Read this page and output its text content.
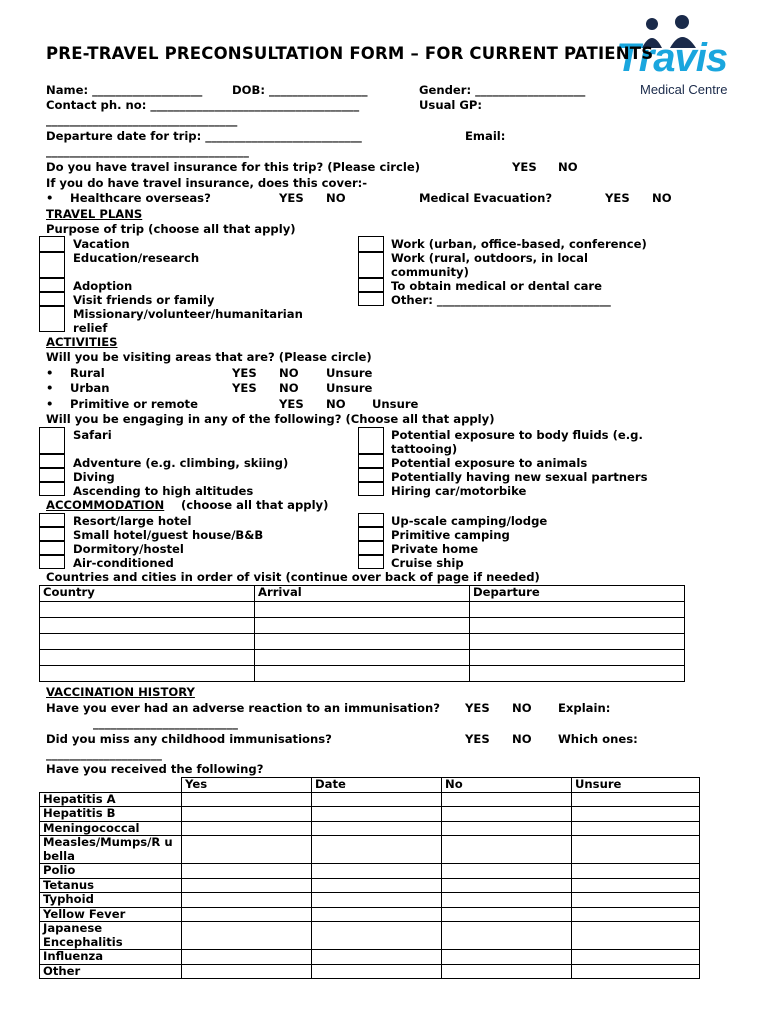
Travis
Medical Centre
PRE-TRAVEL PRECONSULTATION FORM – FOR CURRENT PATIENTS
Name: ___________________	DOB: _________________	Gender: ___________________
Contact ph. no: ____________________________________	Usual GP:
_________________________________
Departure date for trip: ___________________________	Email:
___________________________________
Do you have travel insurance for this trip? (Please circle)	YES NO
If you do have travel insurance, does this cover:-
• Healthcare overseas?	YES NO	Medical Evacuation?	YES NO
TRAVEL PLANS
Purpose of trip (choose all that apply)
Vacation
Education/research
Adoption
Visit friends or family
Missionary/volunteer/humanitarian
relief
Work (urban, office-based, conference)
Work (rural, outdoors, in local
community)
To obtain medical or dental care
Other: ______________________________
ACTIVITIES
Will you be visiting areas that are? (Please circle)
• Rural	YES NO Unsure
• Urban	YES NO Unsure
• Primitive or remote	YES NO Unsure
Will you be engaging in any of the following? (Choose all that apply)
Safari
Adventure (e.g. climbing, skiing)
Diving
Ascending to high altitudes
Potential exposure to body fluids (e.g.
tattooing)
Potential exposure to animals
Potentially having new sexual partners
Hiring car/motorbike
ACCOMMODATION (choose all that apply)
Resort/large hotel
Small hotel/guest house/B&B
Dormitory/hostel
Air-conditioned
Up-scale camping/lodge
Primitive camping
Private home
Cruise ship
Countries and cities in order of visit (continue over back of page if needed)
Country	Arrival	Departure

VACCINATION HISTORY
Have you ever had an adverse reaction to an immunisation? YES NO Explain:
_________________________
Did you miss any childhood immunisations?	YES NO Which ones:
____________________
Have you received the following?
	Yes	Date	No	Unsure
Hepatitis A				
Hepatitis B				
Meningococcal				
Measles/Mumps/R ubella				
Polio				
Tetanus				
Typhoid				
Yellow Fever				
Japanese Encephalitis				
Influenza				
Other				
